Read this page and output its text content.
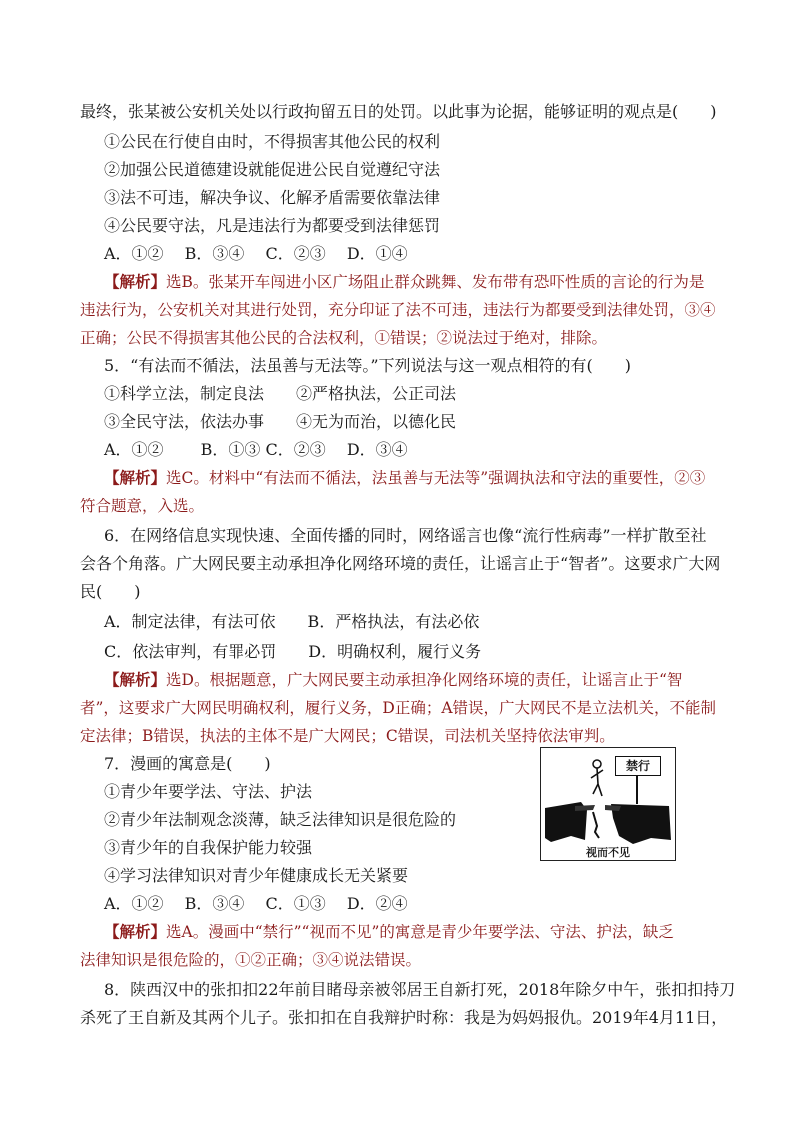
最终，张某被公安机关处以行政拘留五日的处罚。以此事为论据，能够证明的观点是(　　)
①公民在行使自由时，不得损害其他公民的权利
②加强公民道德建设就能促进公民自觉遵纪守法
③法不可违，解决争议、化解矛盾需要依靠法律
④公民要守法，凡是违法行为都要受到法律惩罚
A．①②　 B．③④　 C．②③　 D．①④
【解析】选B。张某开车闯进小区广场阻止群众跳舞、发布带有恐吓性质的言论的行为是
违法行为，公安机关对其进行处罚，充分印证了法不可违，违法行为都要受到法律处罚，③④
正确；公民不得损害其他公民的合法权利，①错误；②说法过于绝对，排除。
5．“有法而不循法，法虽善与无法等。”下列说法与这一观点相符的有(　　)
①科学立法，制定良法　　②严格执法，公正司法
③全民守法，依法办事　　④无为而治，以德化民
A．①②　　 B．①③ C．②③　 D．③④
【解析】选C。材料中“有法而不循法，法虽善与无法等”强调执法和守法的重要性，②③
符合题意，入选。
6．在网络信息实现快速、全面传播的同时，网络谣言也像“流行性病毒”一样扩散至社
会各个角落。广大网民要主动承担净化网络环境的责任，让谣言止于“智者”。这要求广大网
民(　　)
A．制定法律，有法可依　　B．严格执法，有法必依
C．依法审判，有罪必罚　　D．明确权利，履行义务
【解析】选D。根据题意，广大网民要主动承担净化网络环境的责任，让谣言止于“智
者”，这要求广大网民明确权利，履行义务，D正确；A错误，广大网民不是立法机关，不能制
定法律；B错误，执法的主体不是广大网民；C错误，司法机关坚持依法审判。
7．漫画的寓意是(　　)
①青少年要学法、守法、护法
②青少年法制观念淡薄，缺乏法律知识是很危险的
③青少年的自我保护能力较强
④学习法律知识对青少年健康成长无关紧要
A．①②　 B．③④　 C．①③　 D．②④
禁行
视而不见
【解析】选A。漫画中“禁行”“视而不见”的寓意是青少年要学法、守法、护法，缺乏
法律知识是很危险的，①②正确；③④说法错误。
8．陕西汉中的张扣扣22年前目睹母亲被邻居王自新打死，2018年除夕中午，张扣扣持刀
杀死了王自新及其两个儿子。张扣扣在自我辩护时称：我是为妈妈报仇。2019年4月11日，
